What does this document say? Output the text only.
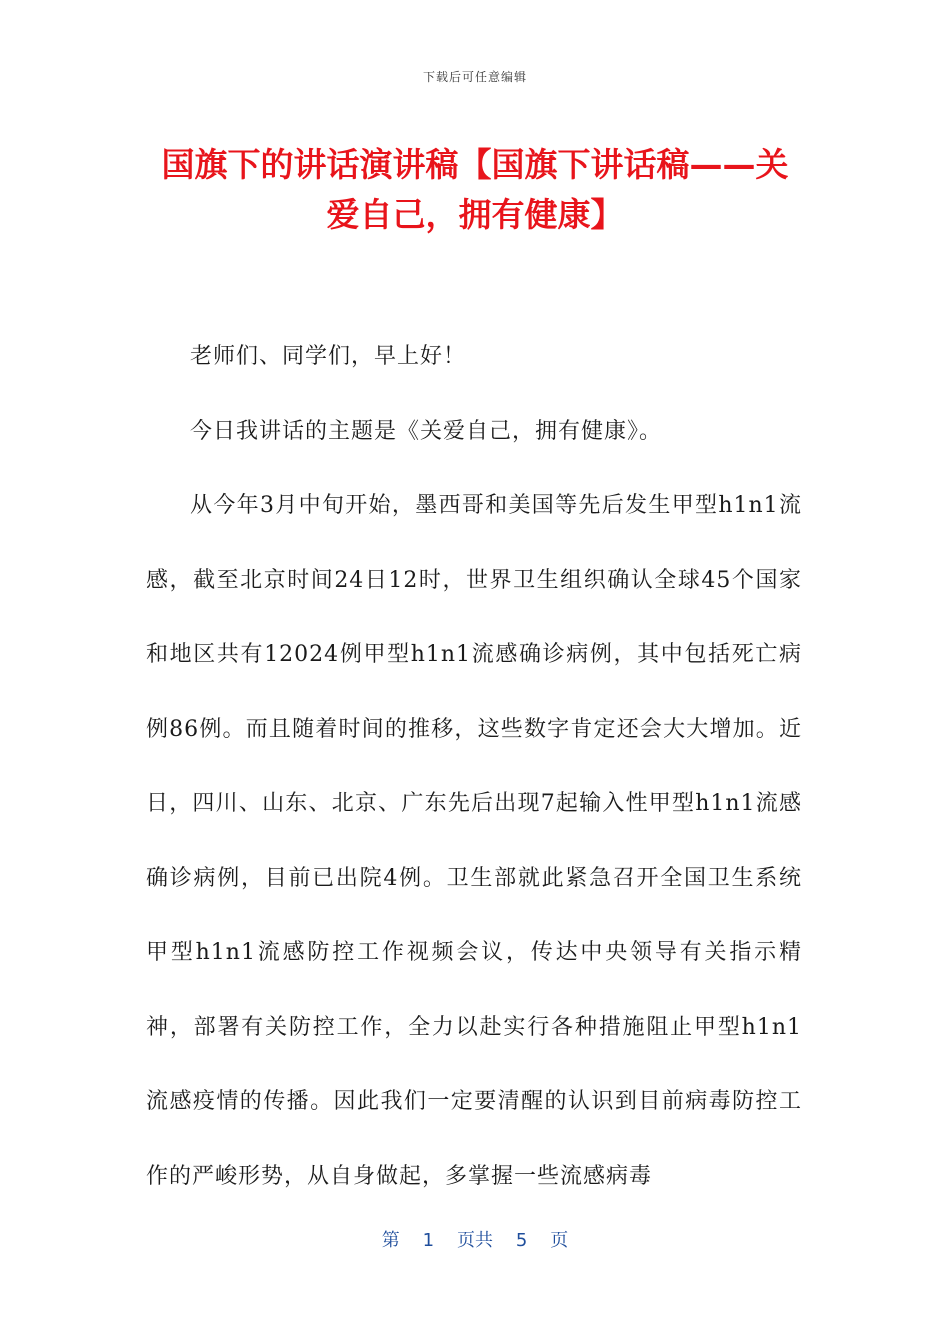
下载后可任意编辑
国旗下的讲话演讲稿【国旗下讲话稿——关爱自己，拥有健康】

老师们、同学们，早上好！

今日我讲话的主题是《关爱自己，拥有健康》。

从今年3月中旬开始，墨西哥和美国等先后发生甲型h1n1流感，截至北京时间24日12时，世界卫生组织确认全球45个国家和地区共有12024例甲型h1n1流感确诊病例，其中包括死亡病例86例。而且随着时间的推移，这些数字肯定还会大大增加。近日，四川、山东、北京、广东先后出现7起输入性甲型h1n1流感确诊病例，目前已出院4例。卫生部就此紧急召开全国卫生系统甲型h1n1流感防控工作视频会议，传达中央领导有关指示精神，部署有关防控工作，全力以赴实行各种措施阻止甲型h1n1流感疫情的传播。因此我们一定要清醒的认识到目前病毒防控工作的严峻形势，从自身做起，多掌握一些流感病毒

第 1 页共 5 页
